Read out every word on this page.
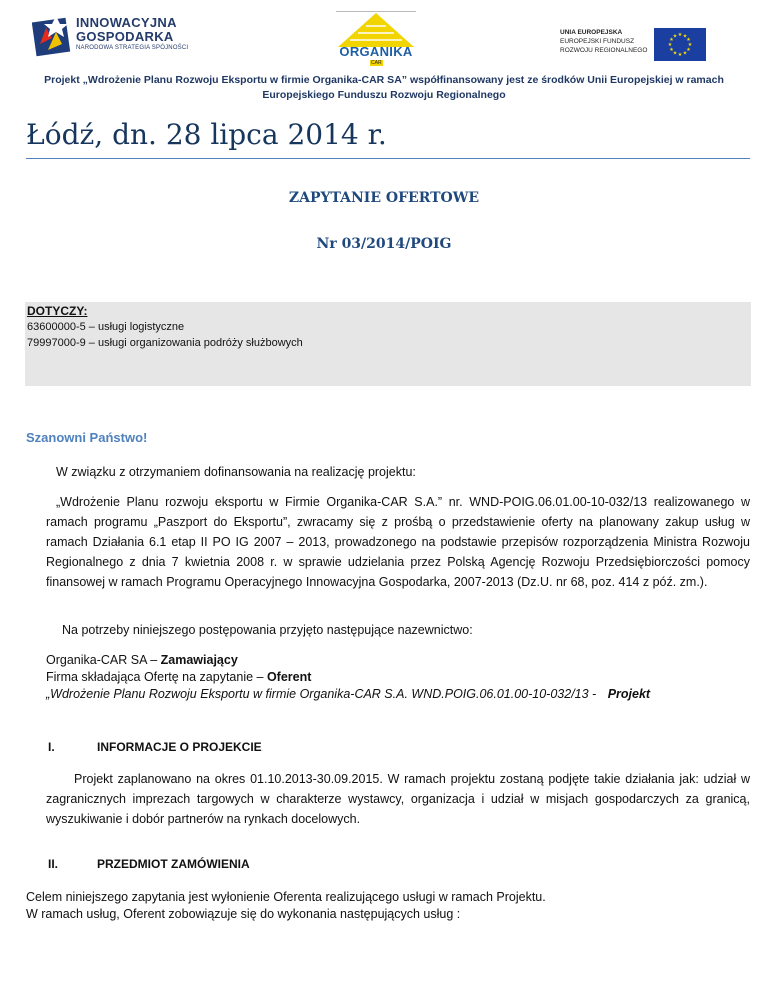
INNOWACYJNA
GOSPODARKA
NARODOWA STRATEGIA SPÓJNOŚCI	ORGANIKA
CAR
UNIA EUROPEJSKA
EUROPEJSKI FUNDUSZ
ROZWOJU REGIONALNEGO
★ ★
★
★
★
★
★
★
★
★
★
★
Projekt „Wdrożenie Planu Rozwoju Eksportu w firmie Organika-CAR SA” współfinansowany jest ze środków Unii Europejskiej w ramach Europejskiego Funduszu Rozwoju Regionalnego
Łódź, dn. 28 lipca 2014 r.
ZAPYTANIE OFERTOWE
Nr 03/2014/POIG
DOTYCZY:
63600000-5 – usługi logistyczne
79997000-9 – usługi organizowania podróży służbowych
Szanowni Państwo!
W związku z otrzymaniem dofinansowania na realizację projektu:
„Wdrożenie Planu rozwoju eksportu w Firmie Organika-CAR S.A.” nr. WND-POIG.06.01.00-10-032/13 realizowanego w ramach programu „Paszport do Eksportu”, zwracamy się z prośbą o przedstawienie oferty na planowany zakup usług w ramach Działania 6.1 etap II PO IG 2007 – 2013, prowadzonego na podstawie przepisów rozporządzenia Ministra Rozwoju Regionalnego z dnia 7 kwietnia 2008 r. w sprawie udzielania przez Polską Agencję Rozwoju Przedsiębiorczości pomocy finansowej w ramach Programu Operacyjnego Innowacyjna Gospodarka, 2007-2013 (Dz.U. nr 68, poz. 414 z póź. zm.).
Na potrzeby niniejszego postępowania przyjęto następujące nazewnictwo:
Organika-CAR SA – Zamawiający
Firma składająca Ofertę na zapytanie – Oferent
„Wdrożenie Planu Rozwoju Eksportu w firmie Organika-CAR S.A. WND.POIG.06.01.00-10-032/13 - Projekt
I.	INFORMACJE O PROJEKCIE
Projekt zaplanowano na okres 01.10.2013-30.09.2015. W ramach projektu zostaną podjęte takie działania jak: udział w zagranicznych imprezach targowych w charakterze wystawcy, organizacja i udział w misjach gospodarczych za granicą, wyszukiwanie i dobór partnerów na rynkach docelowych.
II.	PRZEDMIOT ZAMÓWIENIA
Celem niniejszego zapytania jest wyłonienie Oferenta realizującego usługi w ramach Projektu.
W ramach usług, Oferent zobowiązuje się do wykonania następujących usług :
